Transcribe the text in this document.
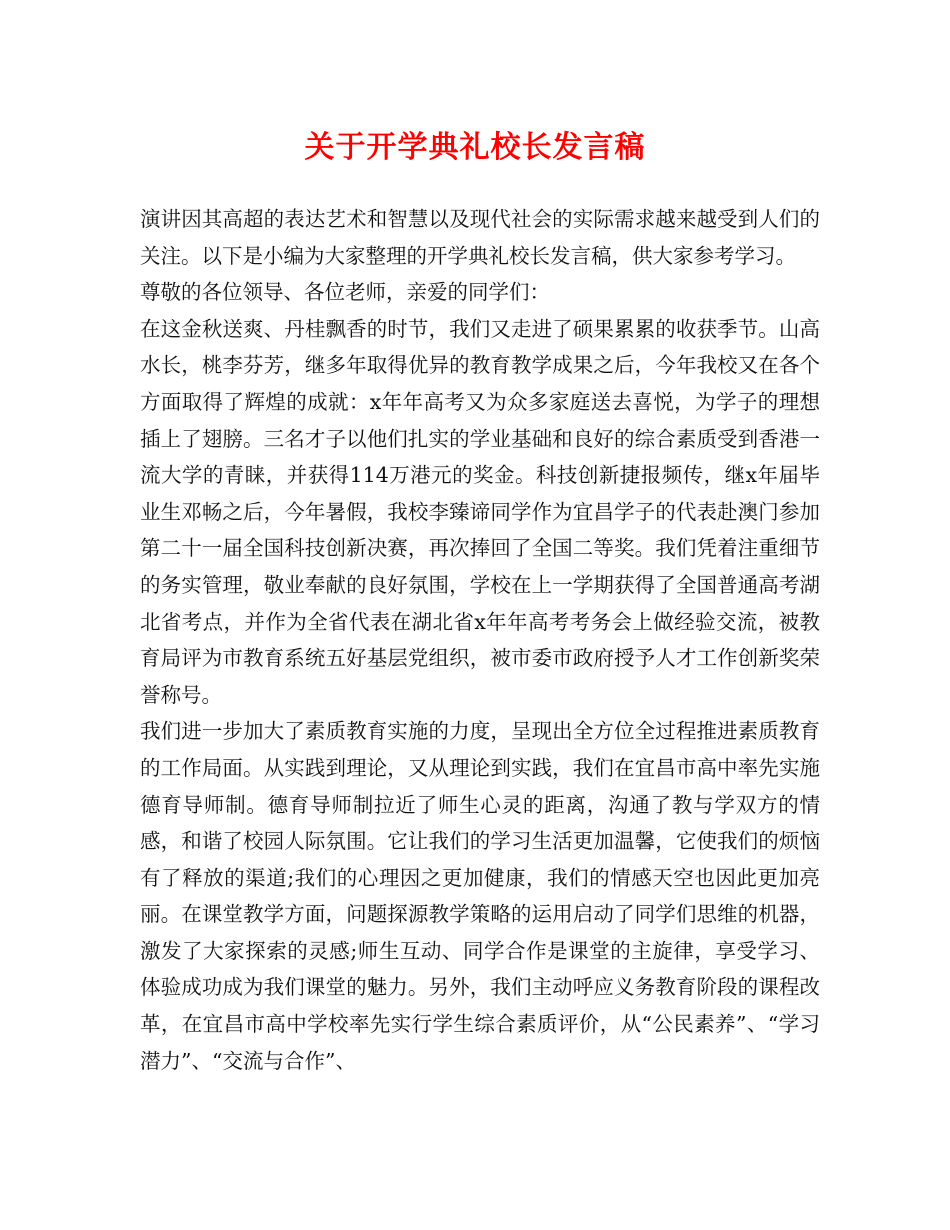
关于开学典礼校长发言稿

演讲因其高超的表达艺术和智慧以及现代社会的实际需求越来越受到人们的关注。以下是小编为大家整理的开学典礼校长发言稿，供大家参考学习。

尊敬的各位领导、各位老师，亲爱的同学们：

在这金秋送爽、丹桂飘香的时节，我们又走进了硕果累累的收获季节。山高水长，桃李芬芳，继多年取得优异的教育教学成果之后，今年我校又在各个方面取得了辉煌的成就：x年年高考又为众多家庭送去喜悦，为学子的理想插上了翅膀。三名才子以他们扎实的学业基础和良好的综合素质受到香港一流大学的青睐，并获得114万港元的奖金。科技创新捷报频传，继x年届毕业生邓畅之后，今年暑假，我校李臻谛同学作为宜昌学子的代表赴澳门参加第二十一届全国科技创新决赛，再次捧回了全国二等奖。我们凭着注重细节的务实管理，敬业奉献的良好氛围，学校在上一学期获得了全国普通高考湖北省考点，并作为全省代表在湖北省x年年高考考务会上做经验交流，被教育局评为市教育系统五好基层党组织，被市委市政府授予人才工作创新奖荣誉称号。

我们进一步加大了素质教育实施的力度，呈现出全方位全过程推进素质教育的工作局面。从实践到理论，又从理论到实践，我们在宜昌市高中率先实施德育导师制。德育导师制拉近了师生心灵的距离，沟通了教与学双方的情感，和谐了校园人际氛围。它让我们的学习生活更加温馨，它使我们的烦恼有了释放的渠道;我们的心理因之更加健康，我们的情感天空也因此更加亮丽。在课堂教学方面，问题探源教学策略的运用启动了同学们思维的机器，激发了大家探索的灵感;师生互动、同学合作是课堂的主旋律，享受学习、体验成功成为我们课堂的魅力。另外，我们主动呼应义务教育阶段的课程改革，在宜昌市高中学校率先实行学生综合素质评价，从“公民素养”、“学习潜力”、“交流与合作”、
